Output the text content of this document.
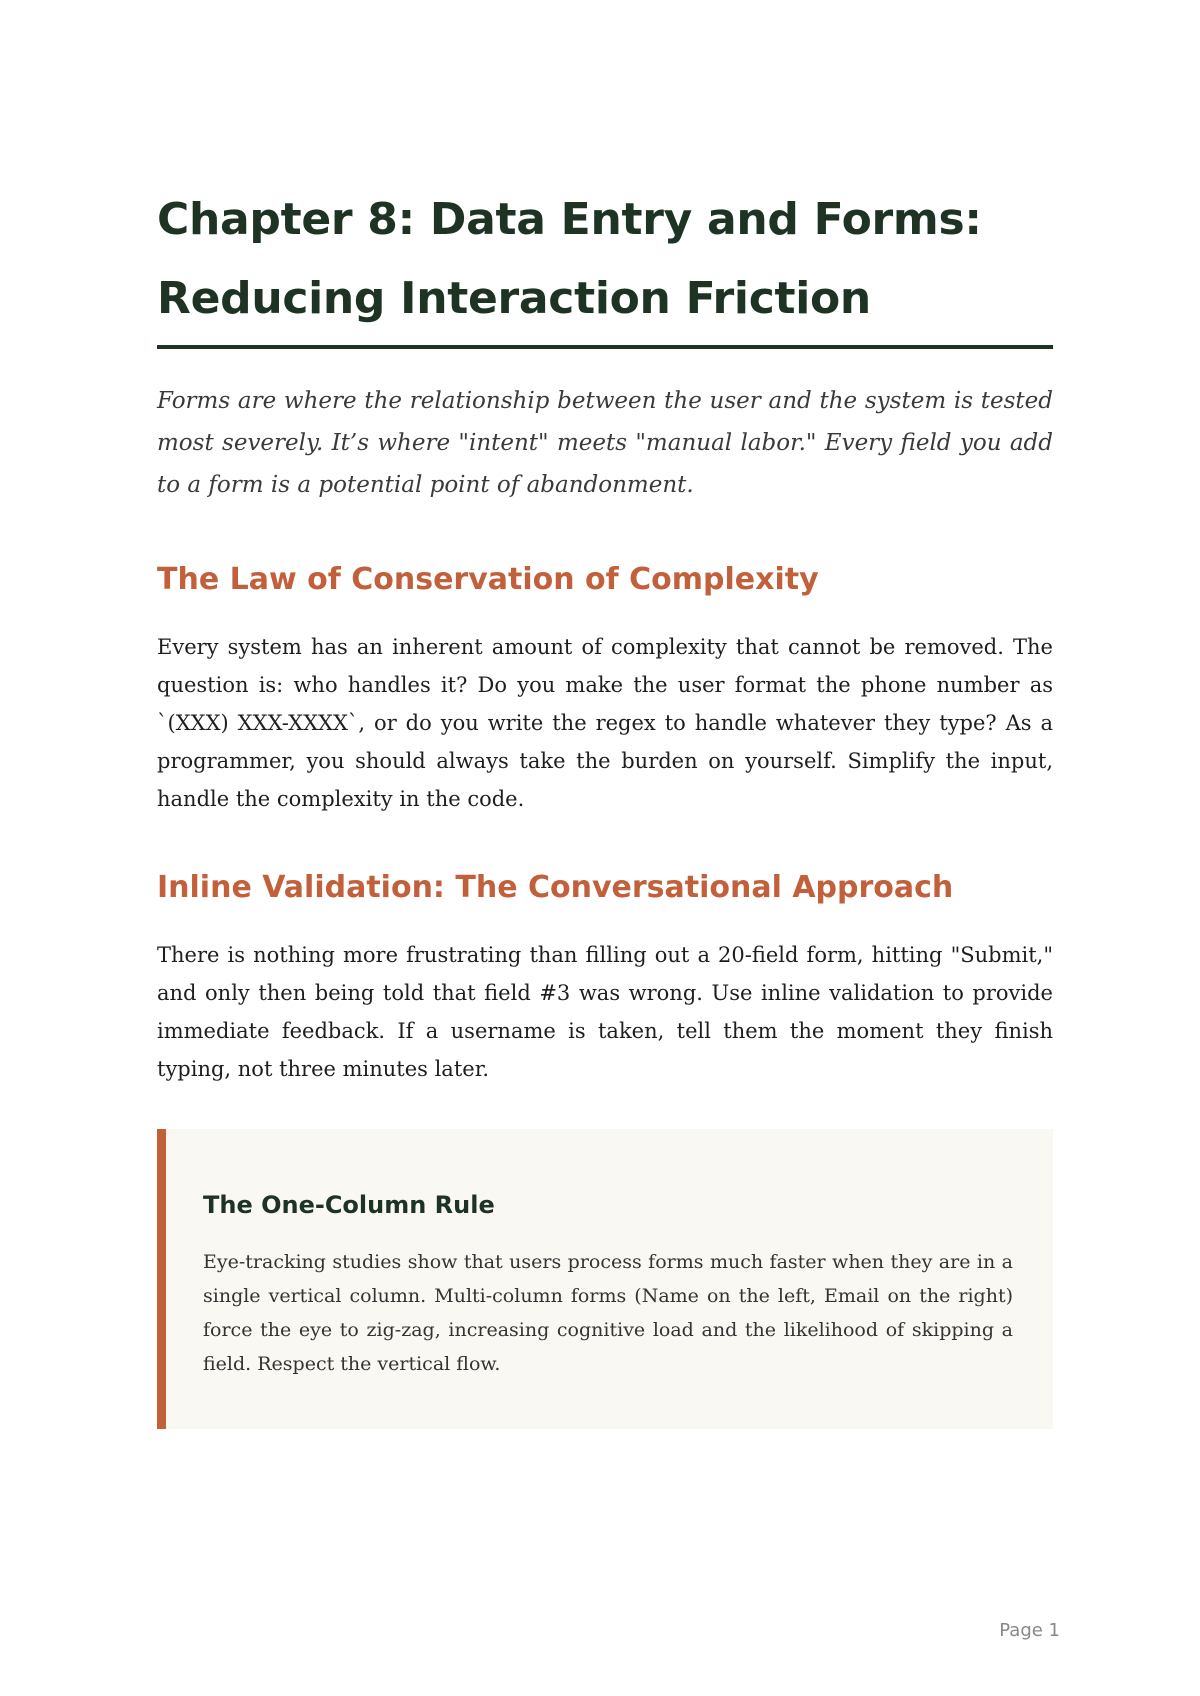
Chapter 8: Data Entry and Forms: Reducing Interaction Friction

Forms are where the relationship between the user and the system is tested most severely. It’s where "intent" meets "manual labor." Every field you add to a form is a potential point of abandonment.

The Law of Conservation of Complexity

Every system has an inherent amount of complexity that cannot be removed. The question is: who handles it? Do you make the user format the phone number as `(XXX) XXX-XXXX`, or do you write the regex to handle whatever they type? As a programmer, you should always take the burden on yourself. Simplify the input, handle the complexity in the code.

Inline Validation: The Conversational Approach

There is nothing more frustrating than filling out a 20-field form, hitting "Submit," and only then being told that field #3 was wrong. Use inline validation to provide immediate feedback. If a username is taken, tell them the moment they finish typing, not three minutes later.

The One-Column Rule

Eye-tracking studies show that users process forms much faster when they are in a single vertical column. Multi-column forms (Name on the left, Email on the right) force the eye to zig-zag, increasing cognitive load and the likelihood of skipping a field. Respect the vertical flow.

Page 1
